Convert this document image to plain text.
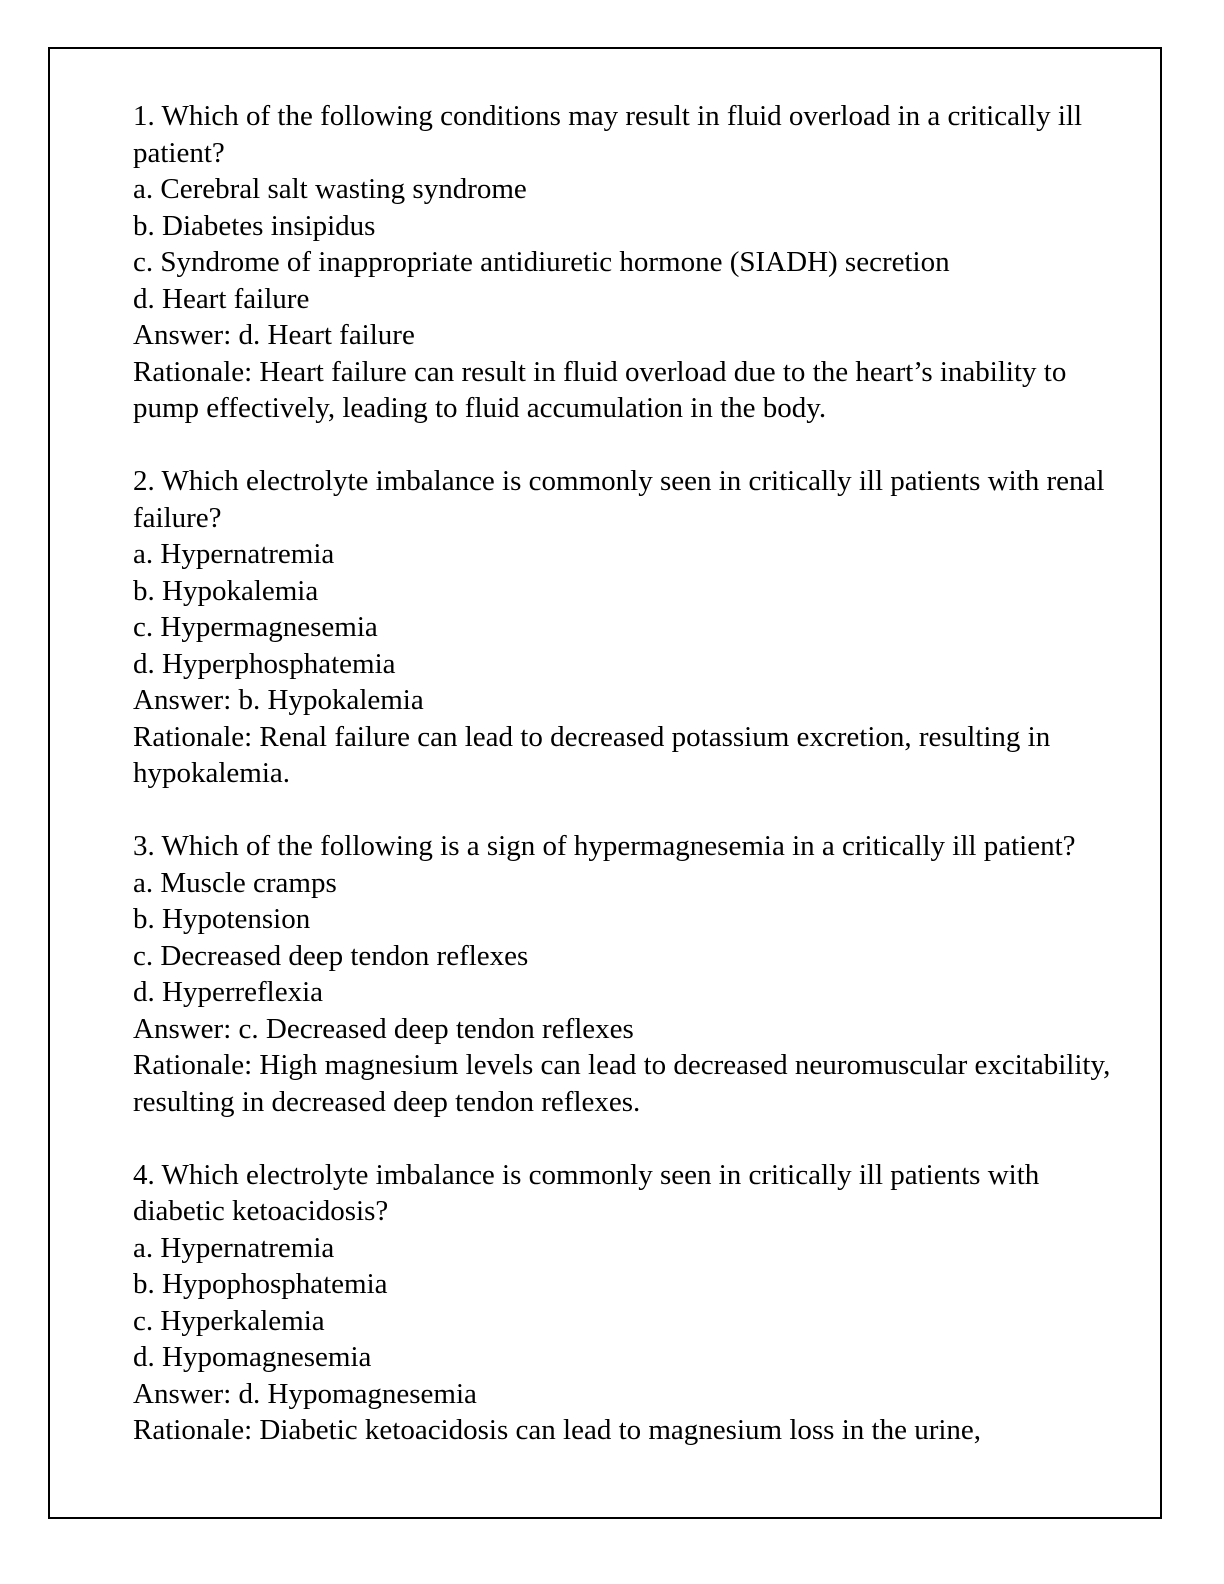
1. Which of the following conditions may result in fluid overload in a critically ill patient?
a. Cerebral salt wasting syndrome
b. Diabetes insipidus
c. Syndrome of inappropriate antidiuretic hormone (SIADH) secretion
d. Heart failure
Answer: d. Heart failure
Rationale: Heart failure can result in fluid overload due to the heart’s inability to pump effectively, leading to fluid accumulation in the body.
2. Which electrolyte imbalance is commonly seen in critically ill patients with renal failure?
a. Hypernatremia
b. Hypokalemia
c. Hypermagnesemia
d. Hyperphosphatemia
Answer: b. Hypokalemia
Rationale: Renal failure can lead to decreased potassium excretion, resulting in hypokalemia.
3. Which of the following is a sign of hypermagnesemia in a critically ill patient?
a. Muscle cramps
b. Hypotension
c. Decreased deep tendon reflexes
d. Hyperreflexia
Answer: c. Decreased deep tendon reflexes
Rationale: High magnesium levels can lead to decreased neuromuscular excitability, resulting in decreased deep tendon reflexes.
4. Which electrolyte imbalance is commonly seen in critically ill patients with diabetic ketoacidosis?
a. Hypernatremia
b. Hypophosphatemia
c. Hyperkalemia
d. Hypomagnesemia
Answer: d. Hypomagnesemia
Rationale: Diabetic ketoacidosis can lead to magnesium loss in the urine,
